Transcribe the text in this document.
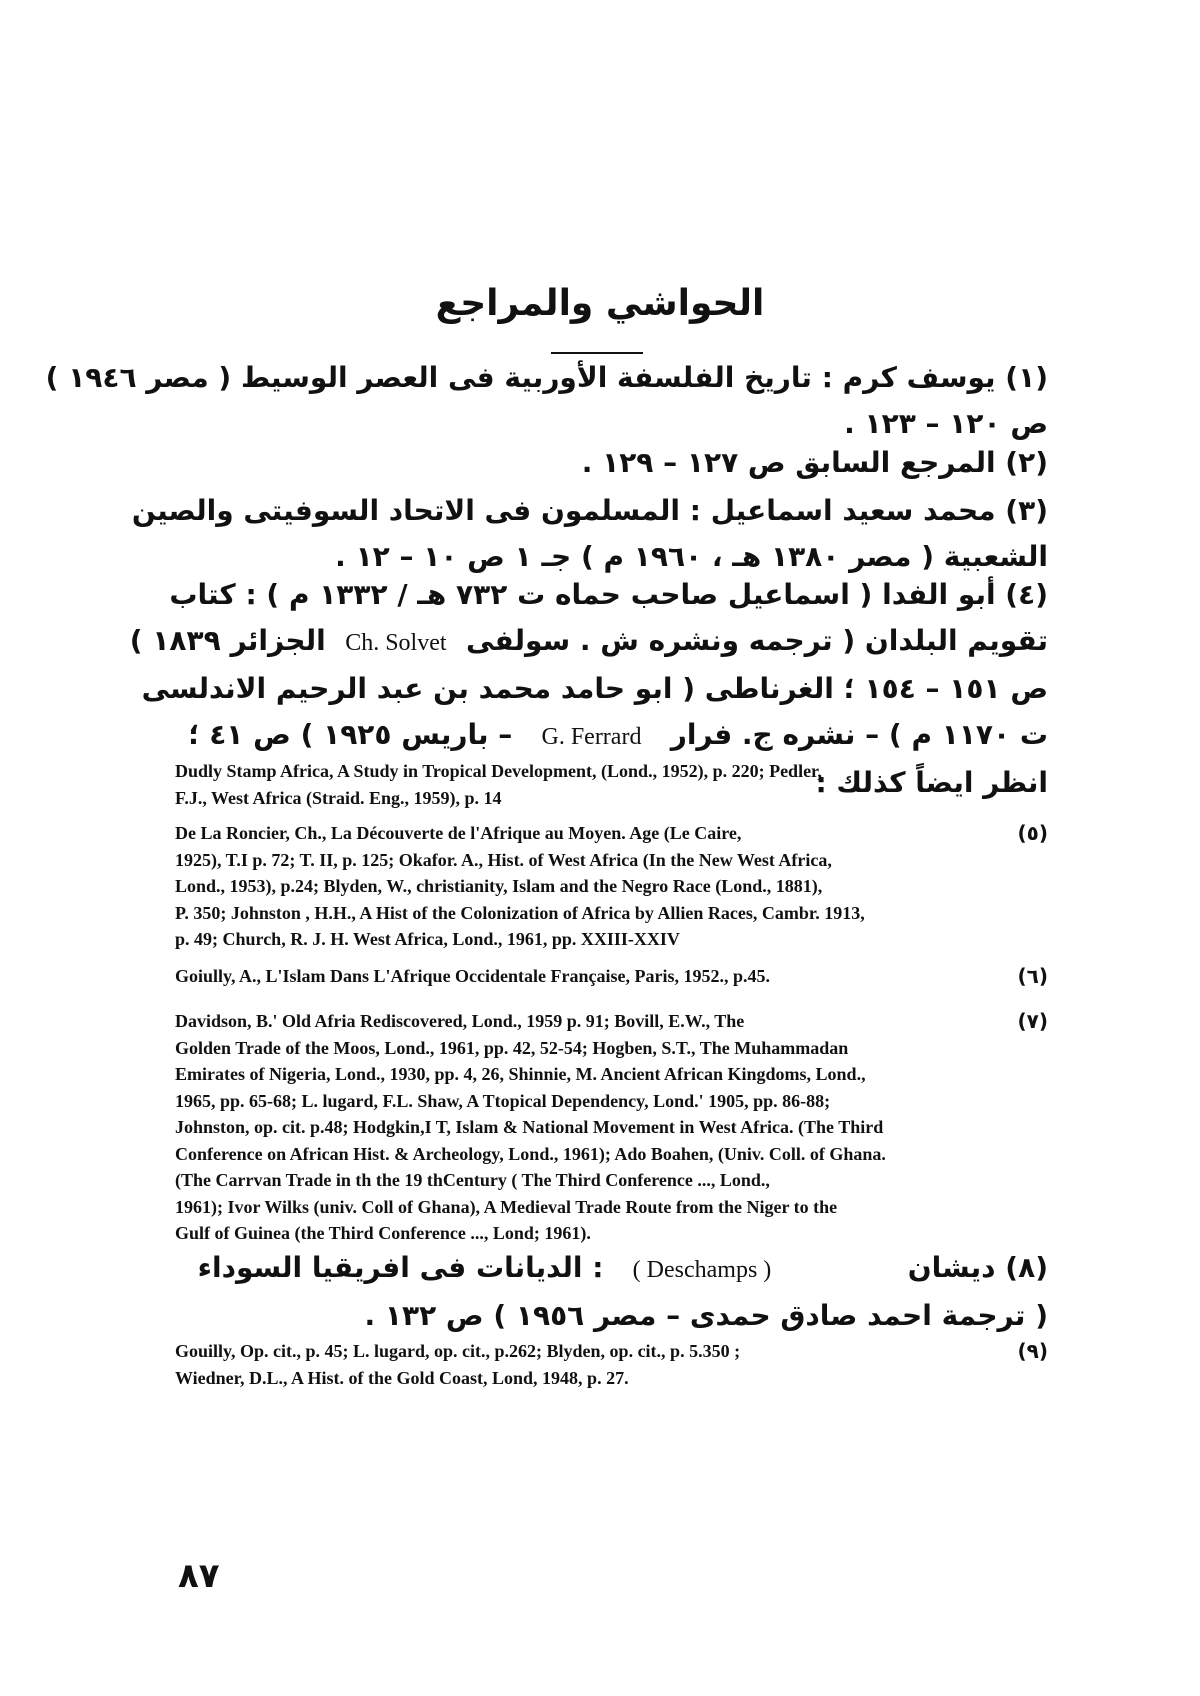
الحواشي والمراجع
(١) يوسف كرم : تاريخ الفلسفة الأوربية فى العصر الوسيط ( مصر ١٩٤٦ )
ص ١٢٠ – ١٢٣ .
(٢) المرجع السابق ص ١٢٧ – ١٢٩ .
(٣) محمد سعيد اسماعيل : المسلمون فى الاتحاد السوفيتى والصين
الشعبية ( مصر ١٣٨٠ هـ ، ١٩٦٠ م ) جـ ١ ص ١٠ – ١٢ .
(٤) أبو الفدا ( اسماعيل صاحب حماه ت ٧٣٢ هـ / ١٣٣٢ م ) : كتاب
تقويم البلدان ( ترجمه ونشره ش . سولفى  Ch. Solvet  الجزائر ١٨٣٩ )
ص ١٥١ – ١٥٤ ؛ الغرناطى ( ابو حامد محمد بن عبد الرحيم الاندلسى
ت ١١٧٠ م ) – نشره ج. فرار   G. Ferrard   – باريس ١٩٢٥ ) ص ٤١ ؛
انظر ايضاً كذلك :
Dudly Stamp Africa, A Study in Tropical Development, (Lond., 1952), p. 220; Pedler,
F.J., West Africa (Straid. Eng., 1959), p. 14
(٥)
De La Roncier, Ch., La Découverte de l'Afrique au Moyen. Age (Le Caire,
1925), T.I p. 72; T. II, p. 125; Okafor. A., Hist. of West Africa (In the New West Africa,
Lond., 1953), p.24; Blyden, W., christianity, Islam and the Negro Race (Lond., 1881),
P. 350; Johnston , H.H., A Hist of the Colonization of Africa by Allien Races, Cambr. 1913,
p. 49; Church, R. J. H. West Africa, Lond., 1961, pp. XXIII-XXIV
(٦)
Goiully, A., L'Islam Dans L'Afrique Occidentale Française, Paris, 1952., p.45.
(٧)
Davidson, B.' Old Afria Rediscovered, Lond., 1959 p. 91; Bovill, E.W., The
Golden Trade of the Moos, Lond., 1961, pp. 42, 52-54; Hogben, S.T., The Muhammadan
Emirates of Nigeria, Lond., 1930, pp. 4, 26, Shinnie, M. Ancient African Kingdoms, Lond.,
1965, pp. 65-68; L. lugard, F.L. Shaw, A Ttopical Dependency, Lond.' 1905, pp. 86-88;
Johnston, op. cit. p.48; Hodgkin,I T, Islam & National Movement in West Africa. (The Third
Conference on African Hist. & Archeology, Lond., 1961); Ado Boahen, (Univ. Coll. of Ghana.
(The Carrvan Trade in th the 19 thCentury ( The Third Conference ..., Lond.,
1961); Ivor Wilks (univ. Coll of Ghana), A Medieval Trade Route from the Niger to the
Gulf of Guinea (the Third Conference ..., Lond; 1961).
(٨) ديشان              ( Deschamps )   : الديانات فى افريقيا السوداء
( ترجمة احمد صادق حمدى – مصر ١٩٥٦ ) ص ١٣٢ .
(٩)
Gouilly, Op. cit., p. 45; L. lugard, op. cit., p.262; Blyden, op. cit., p. 5.350 ;
Wiedner, D.L., A Hist. of the Gold Coast, Lond, 1948, p. 27.
٨٧
